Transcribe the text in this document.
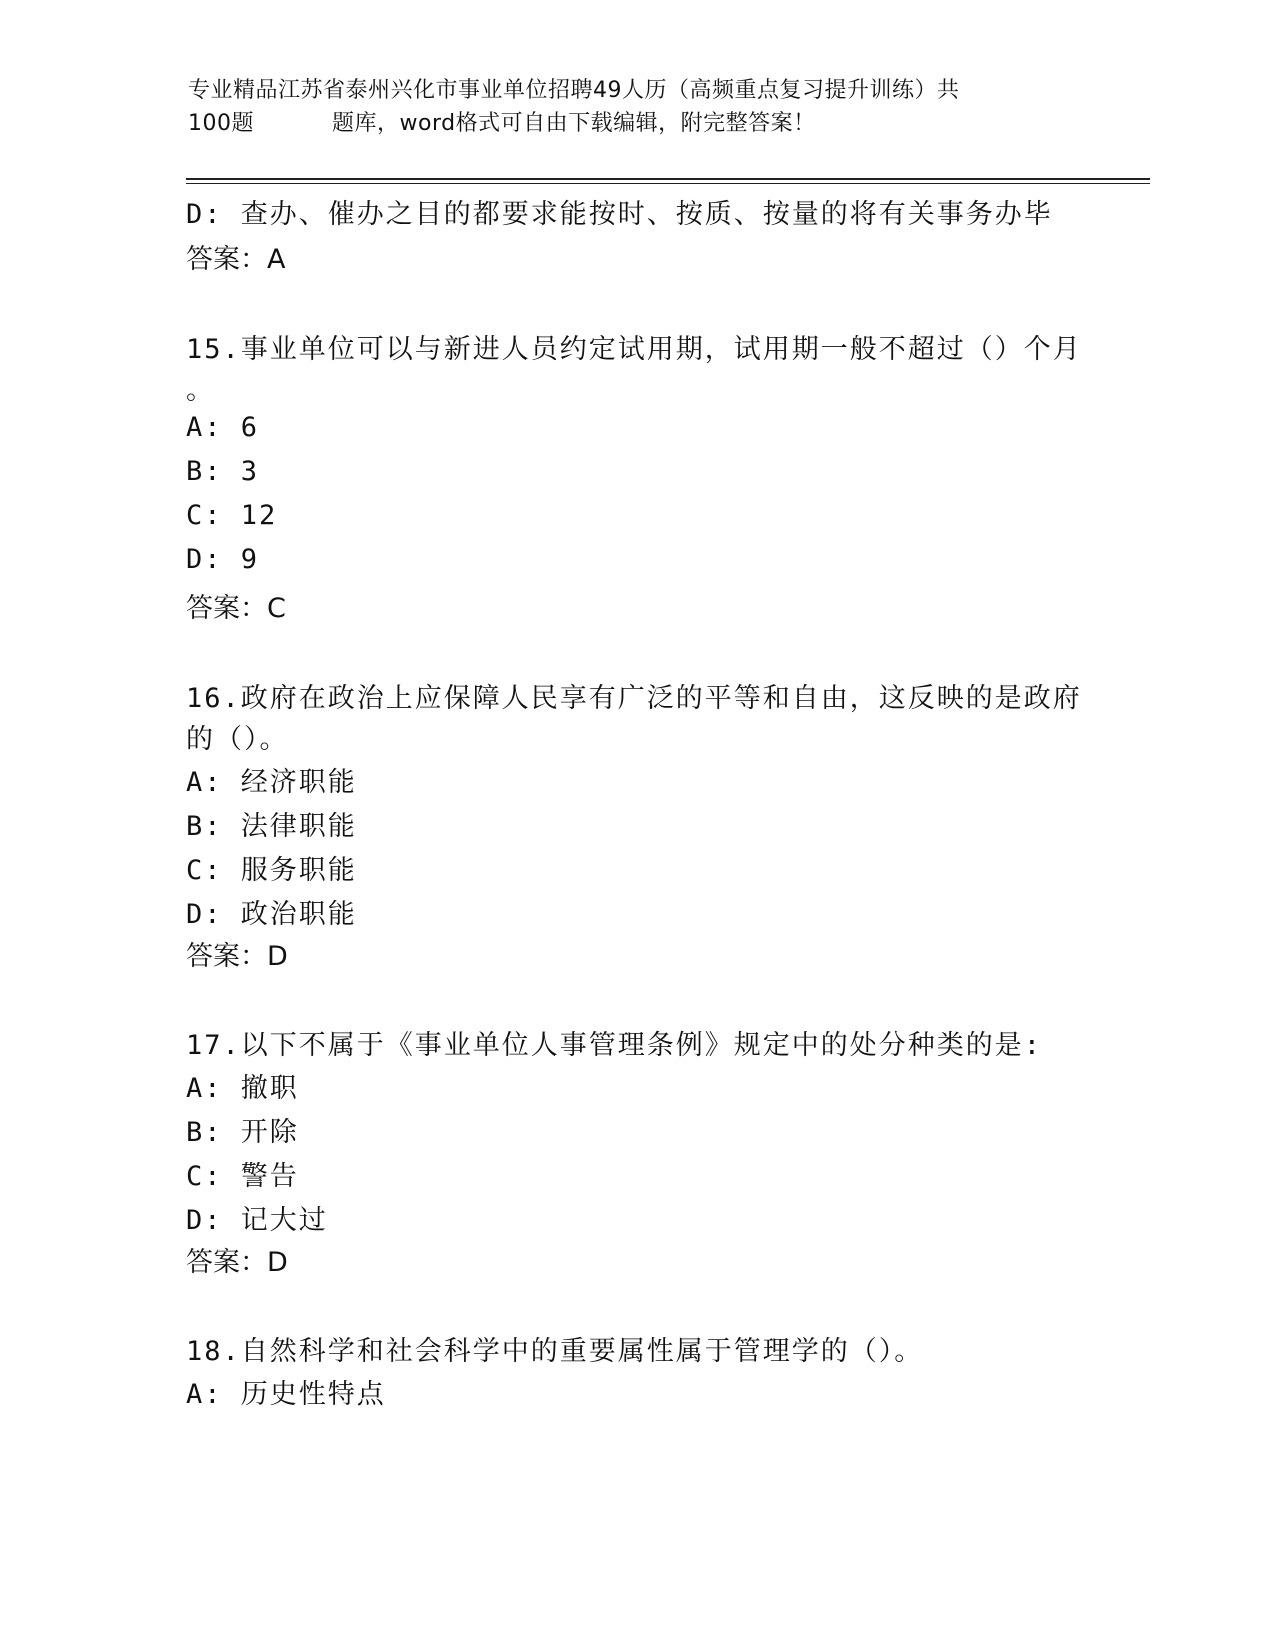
专业精品江苏省泰州兴化市事业单位招聘49人历（高频重点复习提升训练）共
100题	题库，word格式可自由下载编辑，附完整答案！
D: 查办、催办之目的都要求能按时、按质、按量的将有关事务办毕
答案：A
15.事业单位可以与新进人员约定试用期，试用期一般不超过（）个月
。
A: 6
B: 3
C: 12
D: 9
答案：C
16.政府在政治上应保障人民享有广泛的平等和自由，这反映的是政府
的（）。
A: 经济职能
B: 法律职能
C: 服务职能
D: 政治职能
答案：D
17.以下不属于《事业单位人事管理条例》规定中的处分种类的是:
A: 撤职
B: 开除
C: 警告
D: 记大过
答案：D
18.自然科学和社会科学中的重要属性属于管理学的（）。
A: 历史性特点
